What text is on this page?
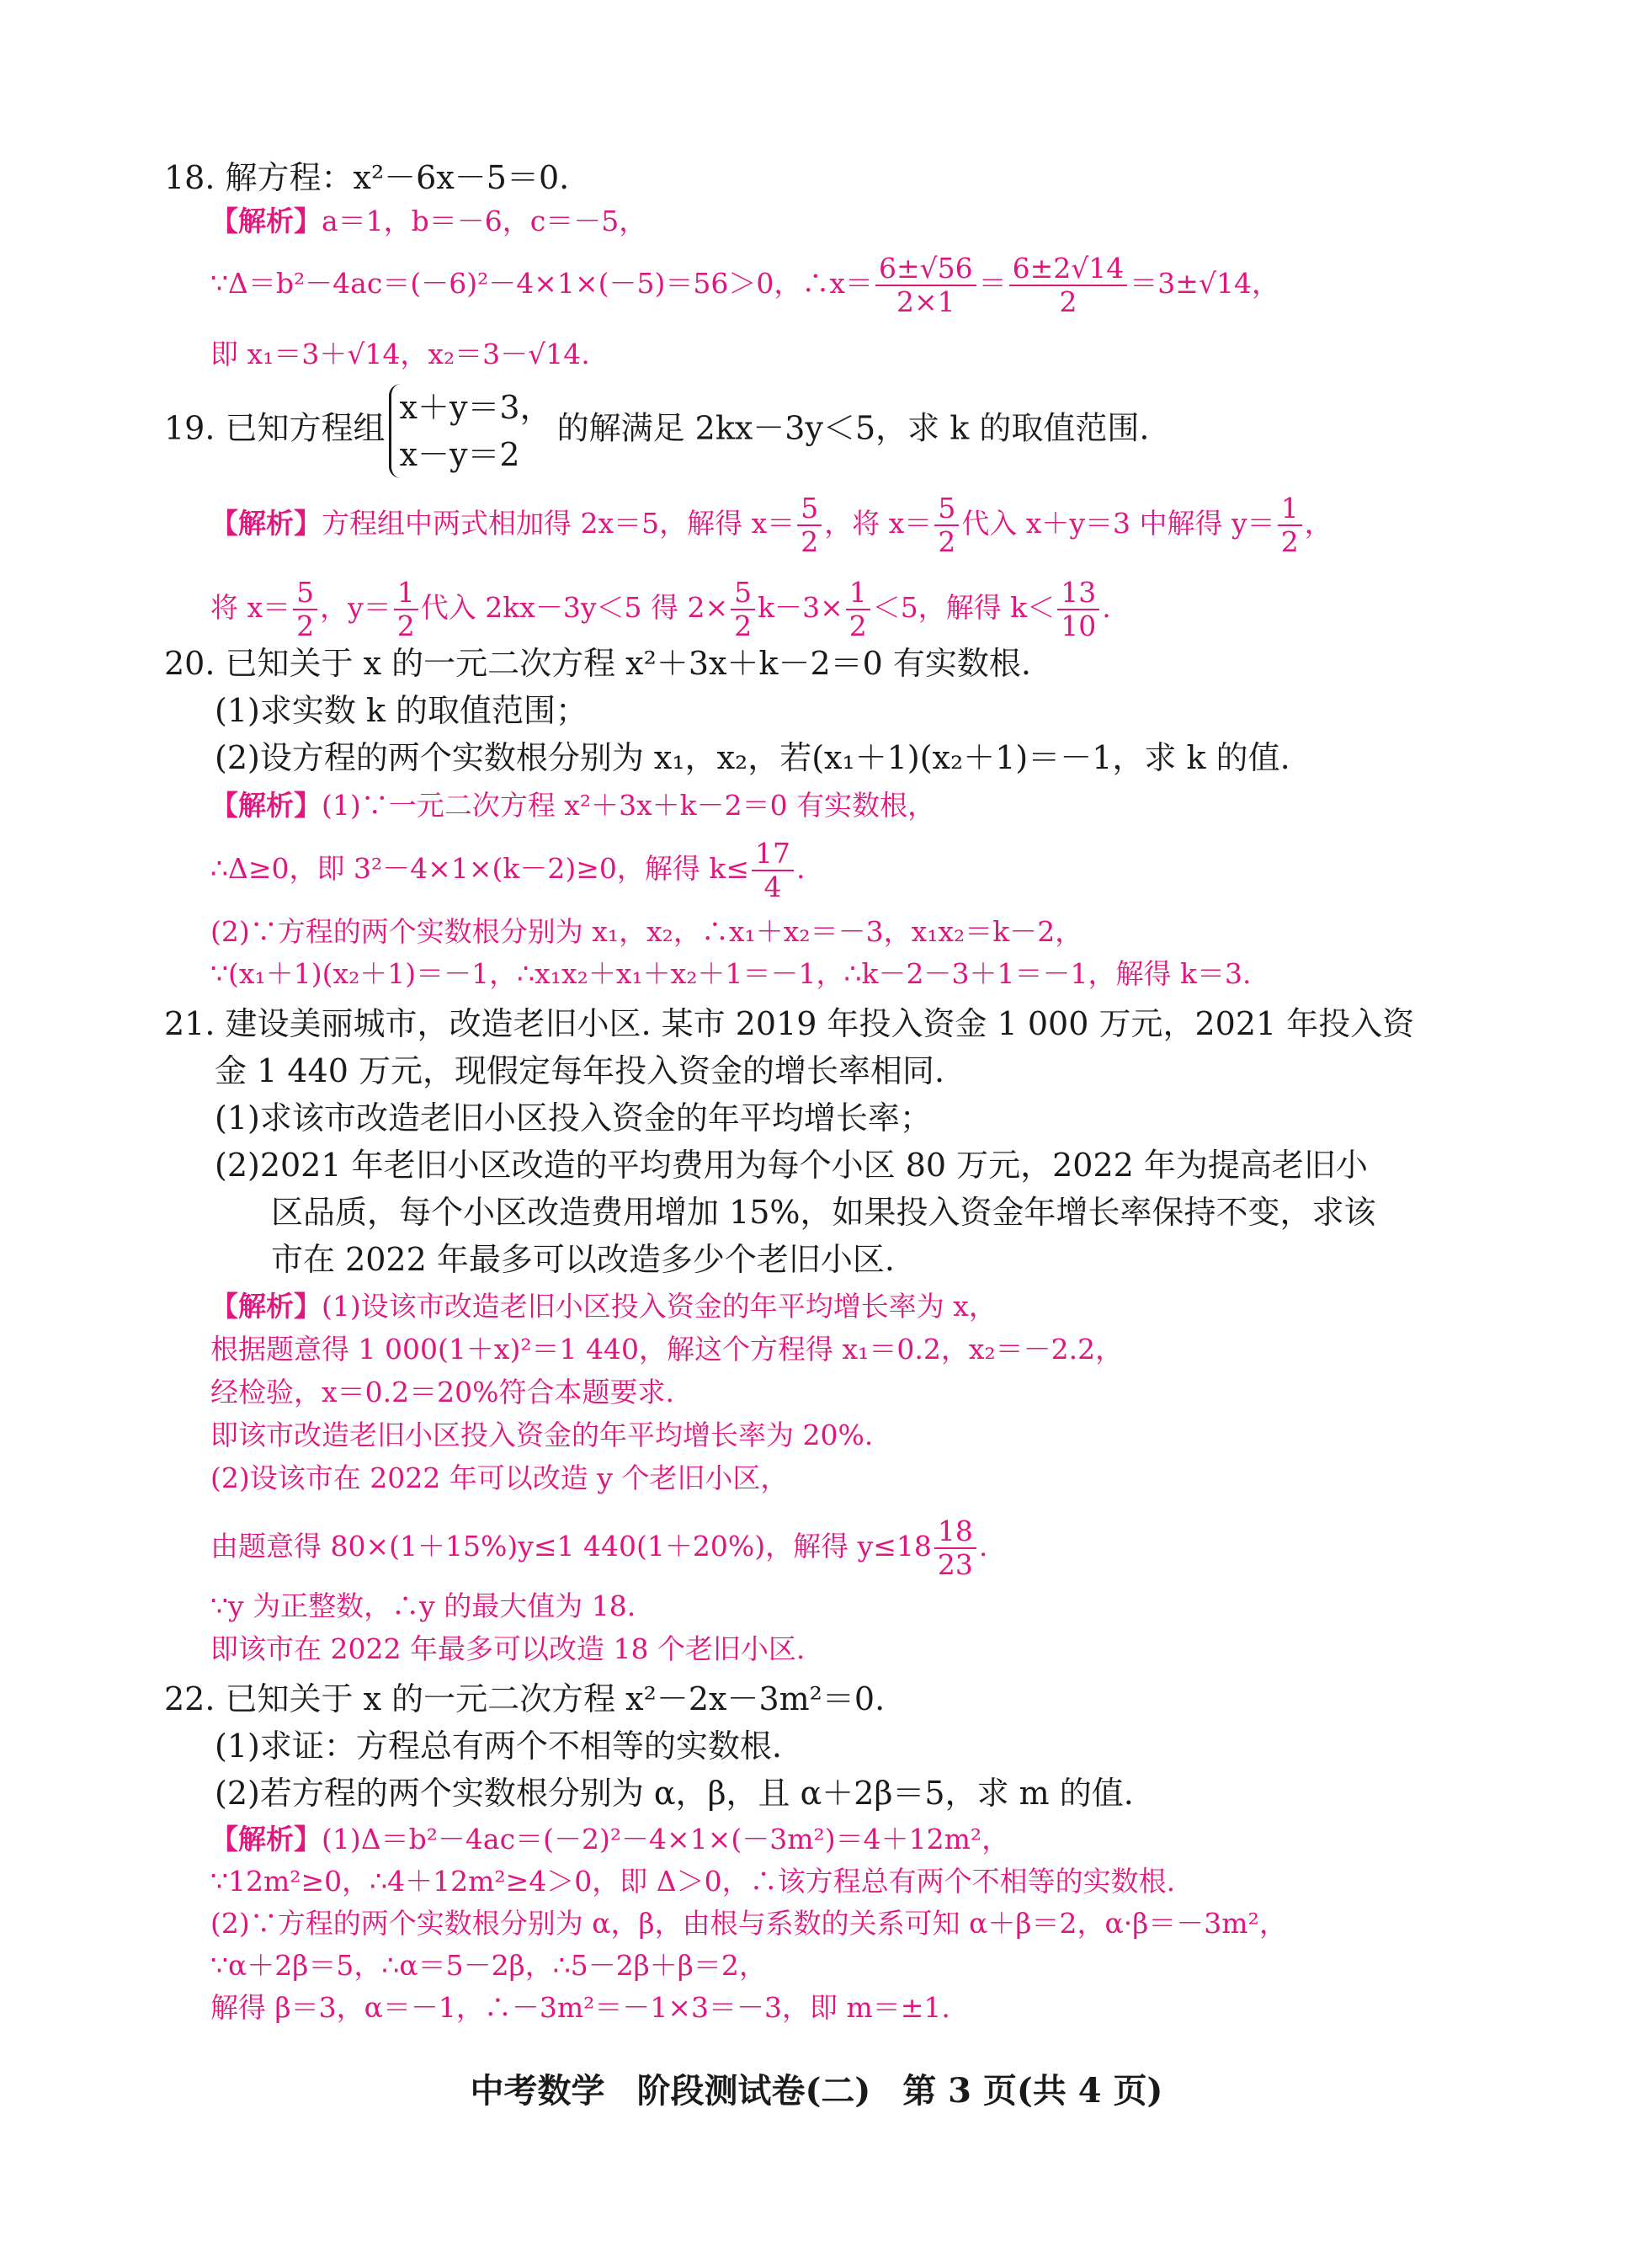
18. 解方程：x²－6x－5＝0.
【解析】a＝1，b＝－6，c＝－5，
∵Δ＝b²－4ac＝(－6)²－4×1×(－5)＝56＞0，∴x＝ $\frac{6\pm√56}{2\times 1} = \frac{6\pm 2√14}{2} =3\pm√14$，
即 x₁＝3＋√14，x₂＝3－√14.
19. 已知方程组
x＋y＝3，
x－y＝2
的解满足 2kx－3y＜5，求 k 的取值范围.
【解析】方程组中两式相加得 2x＝5，解得 $x= \frac{5}{2}$ ，将 $x= \frac{5}{2}$ 代入 x＋y＝3 中解得 $y= \frac{1}{2}$ ，
将 $x= \frac{5}{2}$ ，$y= \frac{1}{2}$ 代入 2kx－3y＜5 得 $2\times \frac{5}{2} k-3\times \frac{1}{2} <5$，解得 $k< \frac{13}{10}$ .
20. 已知关于 x 的一元二次方程 x²＋3x＋k－2＝0 有实数根.
(1)求实数 k 的取值范围；
(2)设方程的两个实数根分别为 x₁，x₂，若(x₁＋1)(x₂＋1)＝－1，求 k 的值.
【解析】(1)∵一元二次方程 x²＋3x＋k－2＝0 有实数根，
∴Δ≥0，即 3²－4×1×(k－2)≥0，解得 $k\le \frac{17}{4}$ .
(2)∵方程的两个实数根分别为 x₁，x₂，∴x₁＋x₂＝－3，x₁x₂＝k－2，
∵(x₁＋1)(x₂＋1)＝－1，∴x₁x₂＋x₁＋x₂＋1＝－1，∴k－2－3＋1＝－1，解得 k＝3.
21. 建设美丽城市，改造老旧小区. 某市 2019 年投入资金 1 000 万元，2021 年投入资
金 1 440 万元，现假定每年投入资金的增长率相同.
(1)求该市改造老旧小区投入资金的年平均增长率；
(2)2021 年老旧小区改造的平均费用为每个小区 80 万元，2022 年为提高老旧小
区品质，每个小区改造费用增加 15%，如果投入资金年增长率保持不变，求该
市在 2022 年最多可以改造多少个老旧小区.
【解析】(1)设该市改造老旧小区投入资金的年平均增长率为 x，
根据题意得 1 000(1＋x)²＝1 440，解这个方程得 x₁＝0.2，x₂＝－2.2，
经检验，x＝0.2＝20%符合本题要求.
即该市改造老旧小区投入资金的年平均增长率为 20%.
(2)设该市在 2022 年可以改造 y 个老旧小区，
由题意得 80×(1＋15%)y≤1 440(1＋20%)，解得 $y\le 18 \frac{18}{23}$ .
∵y 为正整数，∴y 的最大值为 18.
即该市在 2022 年最多可以改造 18 个老旧小区.
22. 已知关于 x 的一元二次方程 x²－2x－3m²＝0.
(1)求证：方程总有两个不相等的实数根.
(2)若方程的两个实数根分别为 α，β，且 α＋2β＝5，求 m 的值.
【解析】(1)Δ＝b²－4ac＝(－2)²－4×1×(－3m²)＝4＋12m²，
∵12m²≥0，∴4＋12m²≥4＞0，即 Δ＞0，∴该方程总有两个不相等的实数根.
(2)∵方程的两个实数根分别为 α，β，由根与系数的关系可知 α＋β＝2，α·β＝－3m²，
∵α＋2β＝5，∴α＝5－2β，∴5－2β＋β＝2，
解得 β＝3，α＝－1，∴－3m²＝－1×3＝－3，即 m＝±1.
中考数学 阶段测试卷(二) 第 3 页(共 4 页)
